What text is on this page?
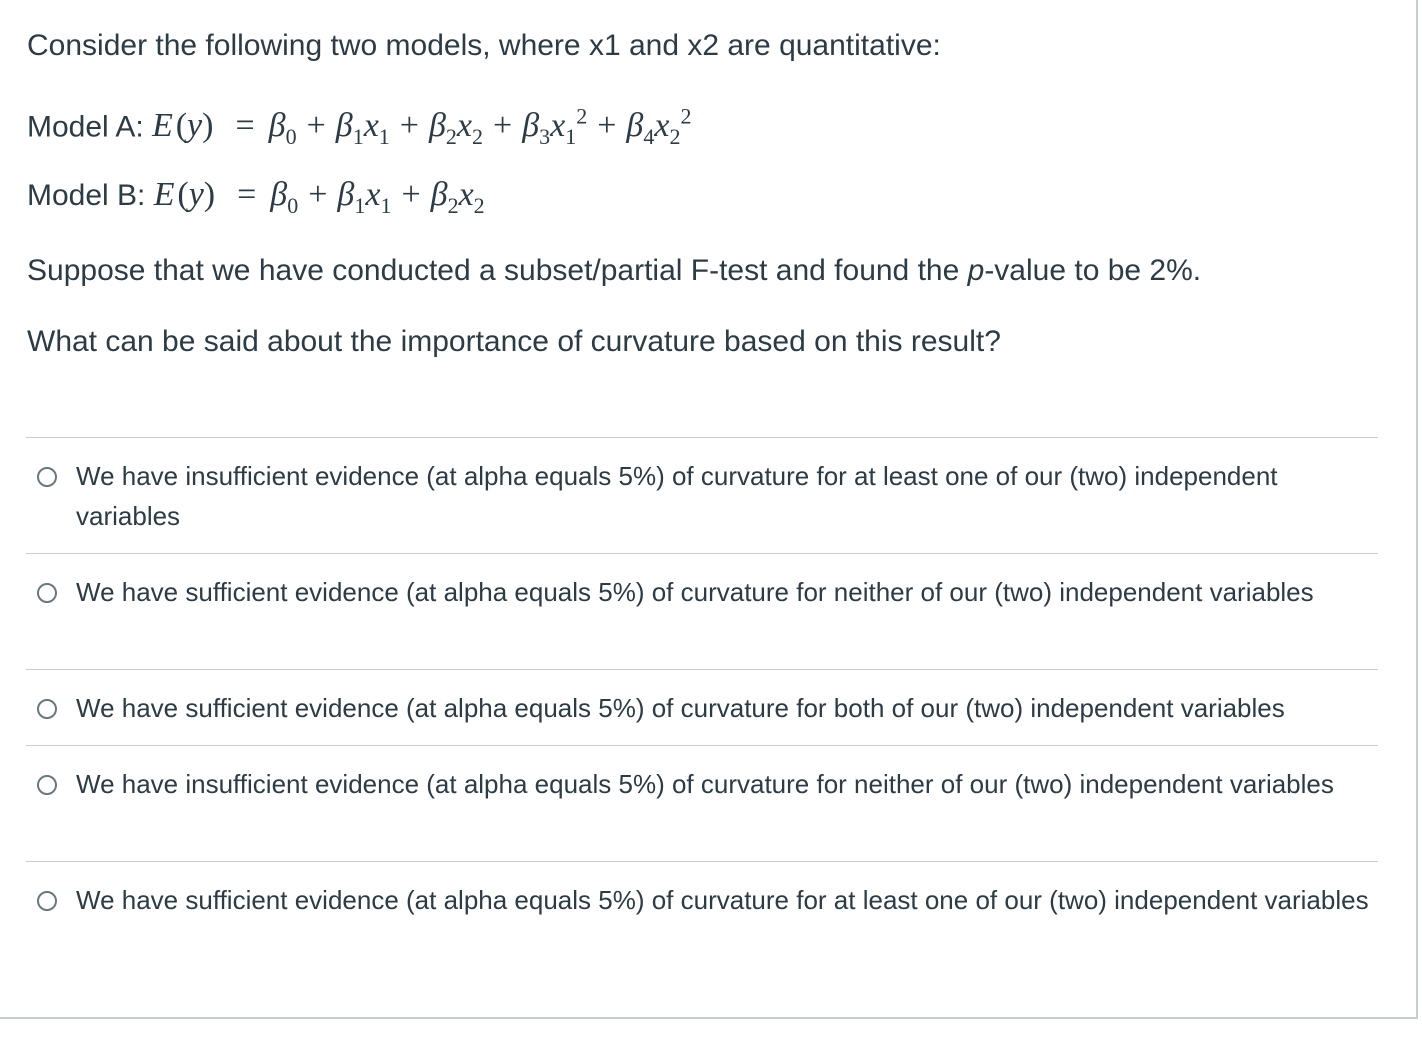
Consider the following two models, where x1 and x2 are quantitative:

Model A: E $(y) = \beta_0 + \beta_1x_1 + \beta_2x_2 + \beta_3x_1^2 + \beta_4x_2^2$

Model B: E $(y) = \beta_0 + \beta_1x_1 + \beta_2x_2$

Suppose that we have conducted a subset/partial F-test and found the p-value to be 2%.

What can be said about the importance of curvature based on this result?

We have insufficient evidence (at alpha equals 5%) of curvature for at least one of our (two) independent variables
We have sufficient evidence (at alpha equals 5%) of curvature for neither of our (two) independent variables
We have sufficient evidence (at alpha equals 5%) of curvature for both of our (two) independent variables
We have insufficient evidence (at alpha equals 5%) of curvature for neither of our (two) independent variables
We have sufficient evidence (at alpha equals 5%) of curvature for at least one of our (two) independent variables
